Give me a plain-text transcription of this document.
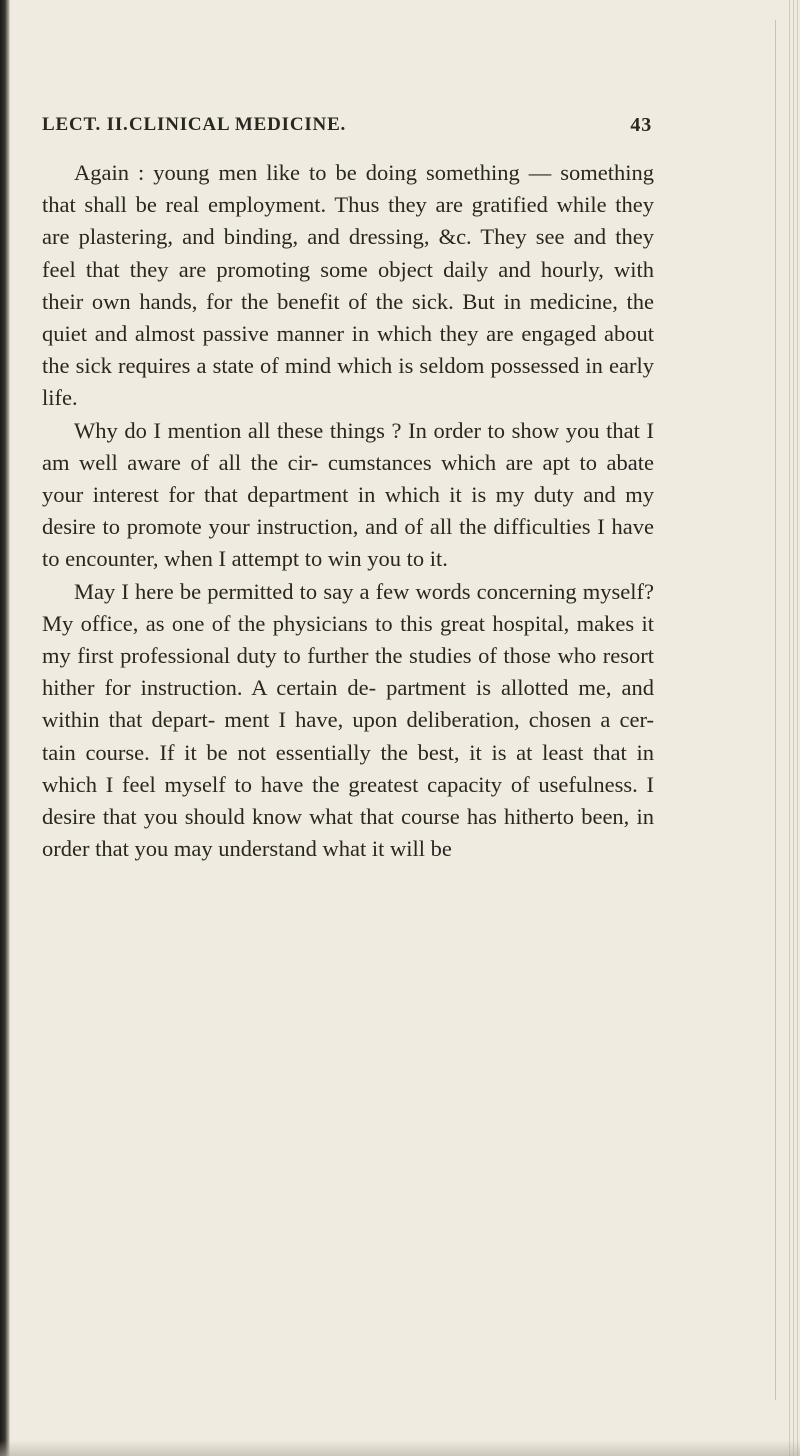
LECT. II. CLINICAL MEDICINE.	43

Again : young men like to be doing something — something that shall be real employment. Thus they are gratified while they are plastering, and binding, and dressing, &c. They see and they feel that they are promoting some object daily and hourly, with their own hands, for the benefit of the sick. But in medicine, the quiet and almost passive manner in which they are engaged about the sick requires a state of mind which is seldom possessed in early life.

Why do I mention all these things ? In order to show you that I am well aware of all the cir- cumstances which are apt to abate your interest for that department in which it is my duty and my desire to promote your instruction, and of all the difficulties I have to encounter, when I attempt to win you to it.

May I here be permitted to say a few words concerning myself? My office, as one of the physicians to this great hospital, makes it my first professional duty to further the studies of those who resort hither for instruction. A certain de- partment is allotted me, and within that depart- ment I have, upon deliberation, chosen a cer- tain course. If it be not essentially the best, it is at least that in which I feel myself to have the greatest capacity of usefulness. I desire that you should know what that course has hitherto been, in order that you may understand what it will be
